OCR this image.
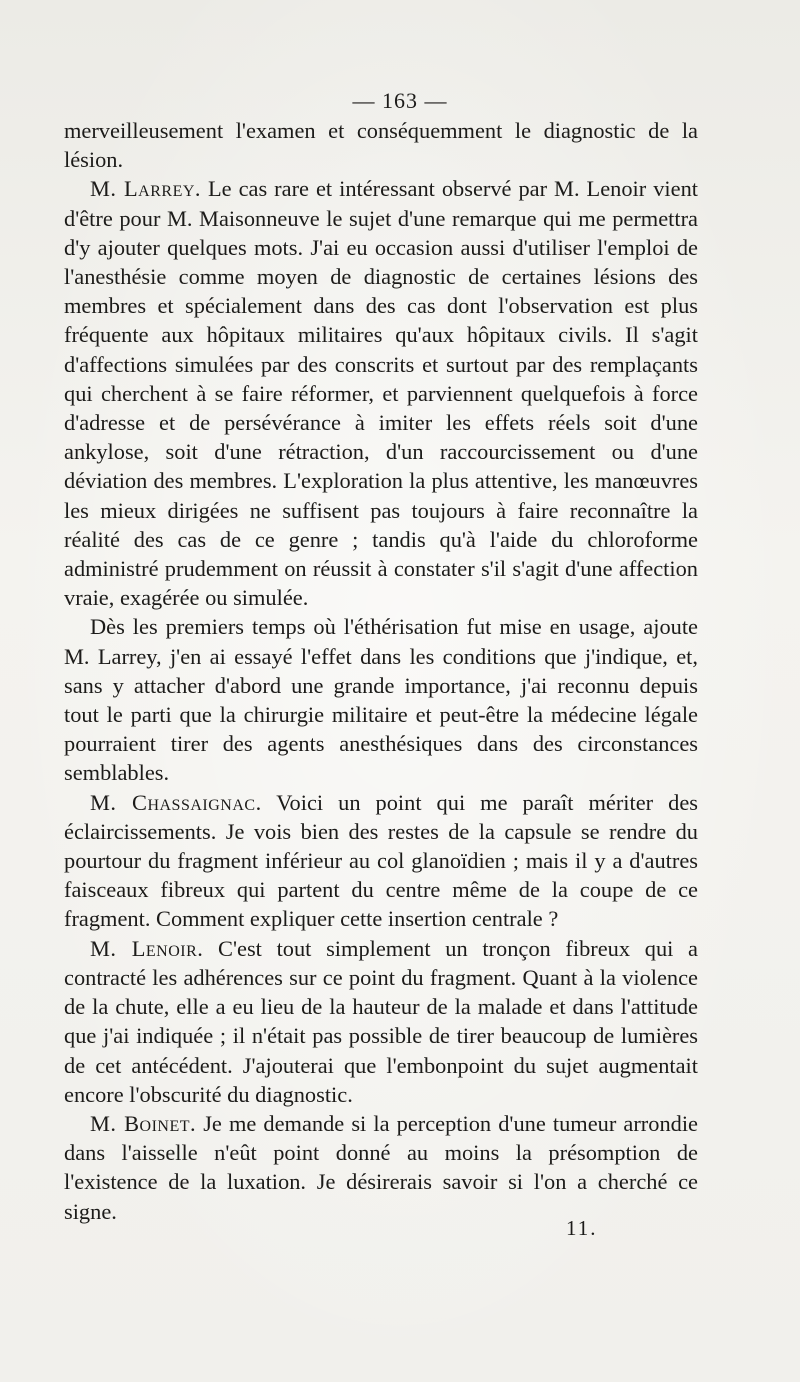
— 163 —

merveilleusement l'examen et conséquemment le diagnostic de la lésion.

M. Larrey. Le cas rare et intéressant observé par M. Lenoir vient d'être pour M. Maisonneuve le sujet d'une remarque qui me permettra d'y ajouter quelques mots. J'ai eu occasion aussi d'utiliser l'emploi de l'anesthésie comme moyen de diagnostic de certaines lésions des membres et spécialement dans des cas dont l'observation est plus fréquente aux hôpitaux militaires qu'aux hôpitaux civils. Il s'agit d'affections simulées par des conscrits et surtout par des remplaçants qui cherchent à se faire réformer, et parviennent quelquefois à force d'adresse et de persévérance à imiter les effets réels soit d'une ankylose, soit d'une rétraction, d'un raccourcissement ou d'une déviation des membres. L'exploration la plus attentive, les manœuvres les mieux dirigées ne suffisent pas toujours à faire reconnaître la réalité des cas de ce genre ; tandis qu'à l'aide du chloroforme administré prudemment on réussit à constater s'il s'agit d'une affection vraie, exagérée ou simulée.

Dès les premiers temps où l'éthérisation fut mise en usage, ajoute M. Larrey, j'en ai essayé l'effet dans les conditions que j'indique, et, sans y attacher d'abord une grande importance, j'ai reconnu depuis tout le parti que la chirurgie militaire et peut-être la médecine légale pourraient tirer des agents anesthésiques dans des circonstances semblables.

M. Chassaignac. Voici un point qui me paraît mériter des éclaircissements. Je vois bien des restes de la capsule se rendre du pourtour du fragment inférieur au col glanoïdien ; mais il y a d'autres faisceaux fibreux qui partent du centre même de la coupe de ce fragment. Comment expliquer cette insertion centrale ?

M. Lenoir. C'est tout simplement un tronçon fibreux qui a contracté les adhérences sur ce point du fragment. Quant à la violence de la chute, elle a eu lieu de la hauteur de la malade et dans l'attitude que j'ai indiquée ; il n'était pas possible de tirer beaucoup de lumières de cet antécédent. J'ajouterai que l'embonpoint du sujet augmentait encore l'obscurité du diagnostic.

M. Boinet. Je me demande si la perception d'une tumeur arrondie dans l'aisselle n'eût point donné au moins la présomption de l'existence de la luxation. Je désirerais savoir si l'on a cherché ce signe.

11.
